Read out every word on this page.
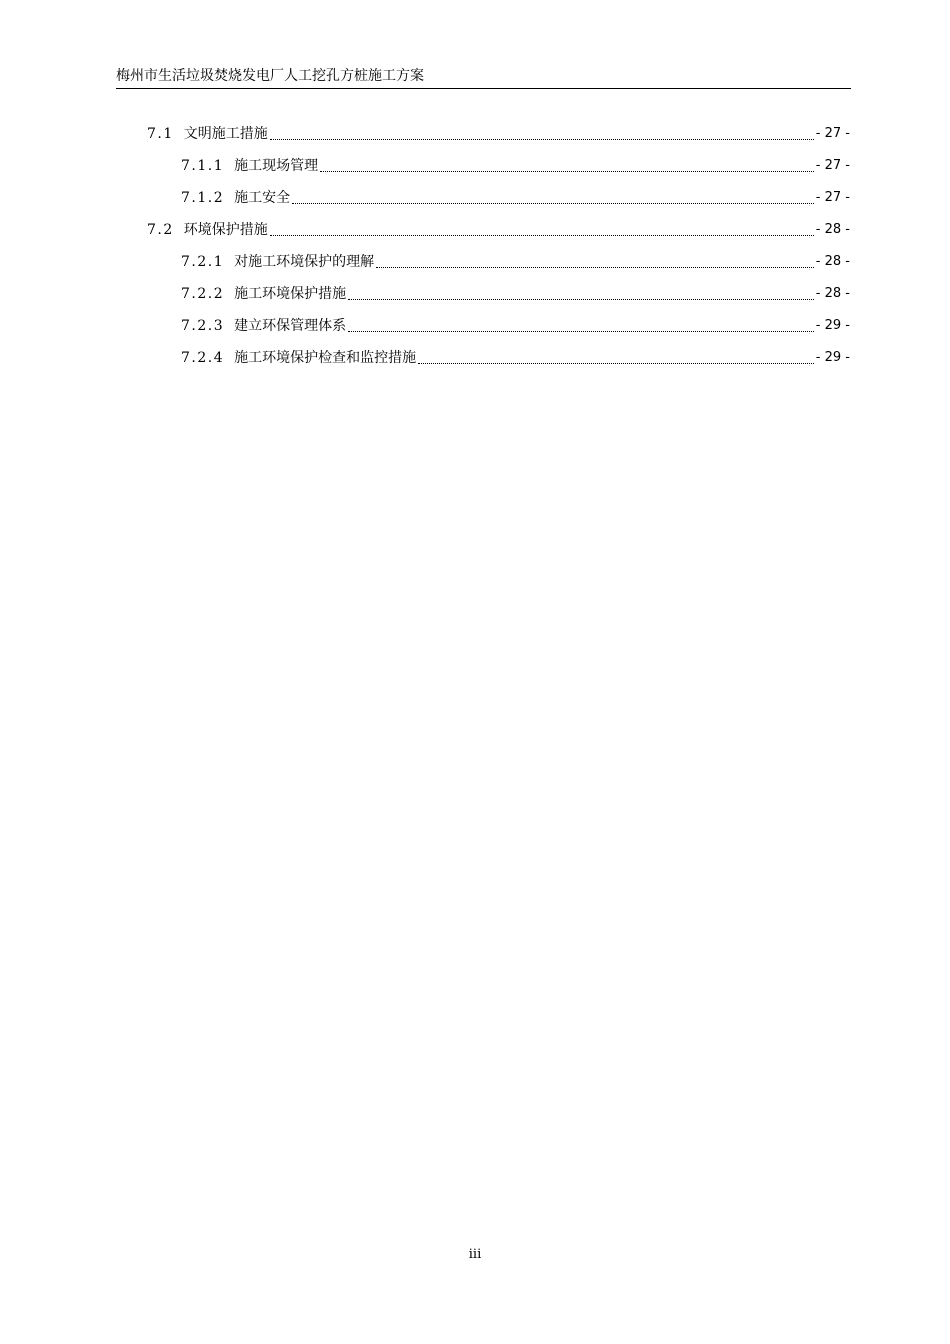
梅州市生活垃圾焚烧发电厂人工挖孔方桩施工方案
7.1 文明施工措施	- 27 -
7.1.1 施工现场管理	- 27 -
7.1.2 施工安全	- 27 -
7.2 环境保护措施	- 28 -
7.2.1 对施工环境保护的理解	- 28 -
7.2.2 施工环境保护措施	- 28 -
7.2.3 建立环保管理体系	- 29 -
7.2.4 施工环境保护检查和监控措施	- 29 -
iii
